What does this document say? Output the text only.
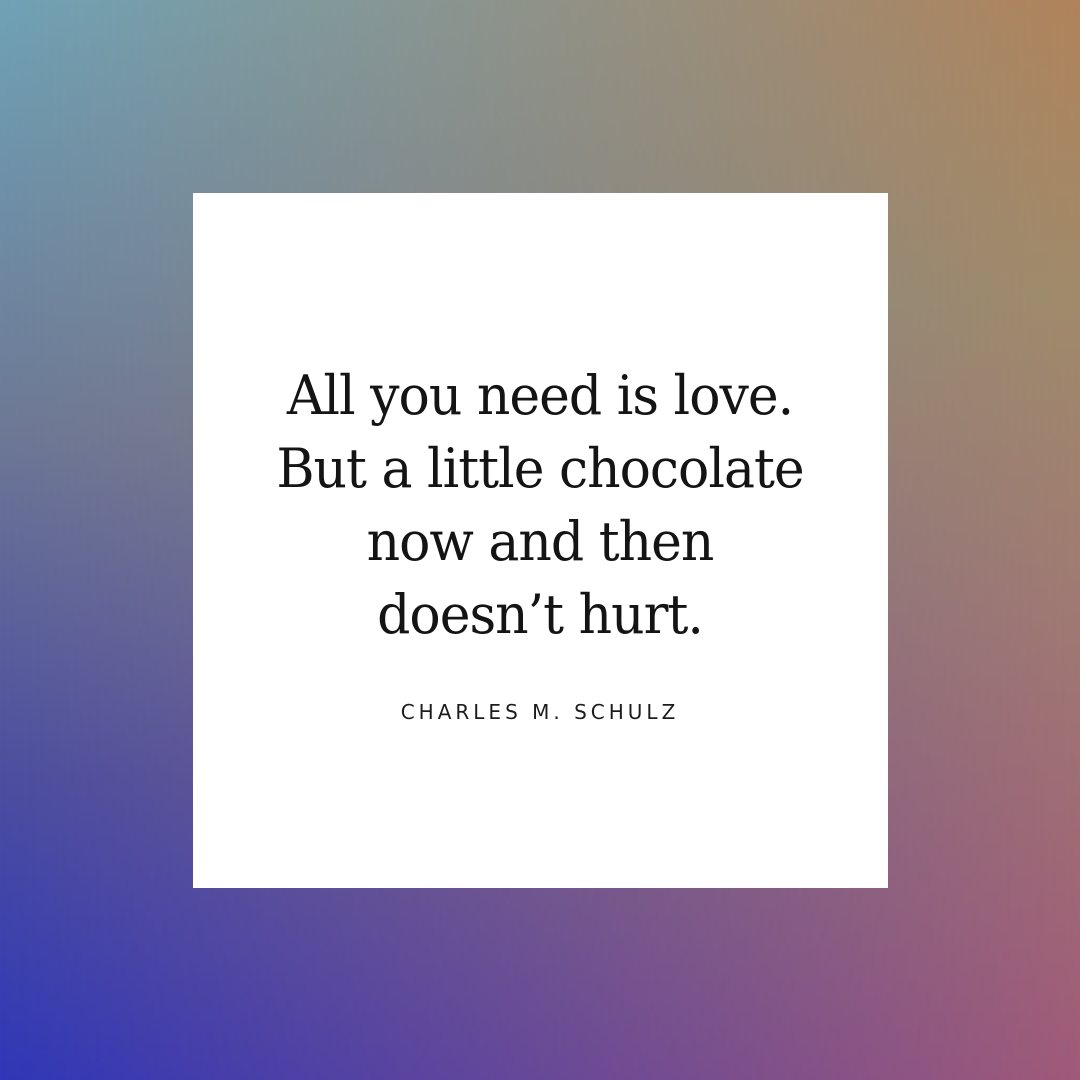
All you need is love.
But a little chocolate
now and then
doesn’t hurt.

CHARLES M. SCHULZ
